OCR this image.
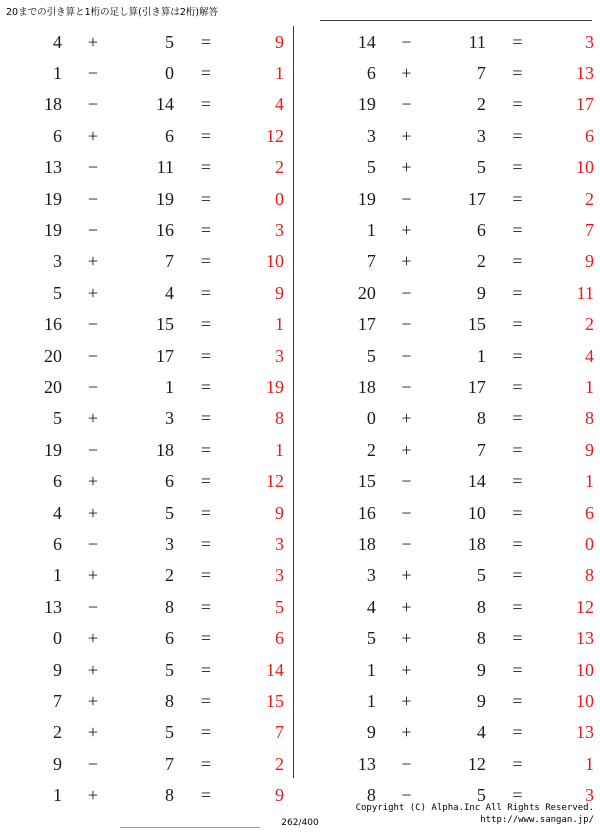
20までの引き算と1桁の足し算(引き算は2桁)解答
4	+	5	=	9
1	−	0	=	1
18	−	14	=	4
6	+	6	=	12
13	−	11	=	2
19	−	19	=	0
19	−	16	=	3
3	+	7	=	10
5	+	4	=	9
16	−	15	=	1
20	−	17	=	3
20	−	1	=	19
5	+	3	=	8
19	−	18	=	1
6	+	6	=	12
4	+	5	=	9
6	−	3	=	3
1	+	2	=	3
13	−	8	=	5
0	+	6	=	6
9	+	5	=	14
7	+	8	=	15
2	+	5	=	7
9	−	7	=	2
1	+	8	=	9
14	−	11	=	3
6	+	7	=	13
19	−	2	=	17
3	+	3	=	6
5	+	5	=	10
19	−	17	=	2
1	+	6	=	7
7	+	2	=	9
20	−	9	=	11
17	−	15	=	2
5	−	1	=	4
18	−	17	=	1
0	+	8	=	8
2	+	7	=	9
15	−	14	=	1
16	−	10	=	6
18	−	18	=	0
3	+	5	=	8
4	+	8	=	12
5	+	8	=	13
1	+	9	=	10
1	+	9	=	10
9	+	4	=	13
13	−	12	=	1
8	−	5	=	3
262/400
Copyright (C) Alpha.Inc All Rights Reserved.
http://www.sangan.jp/
